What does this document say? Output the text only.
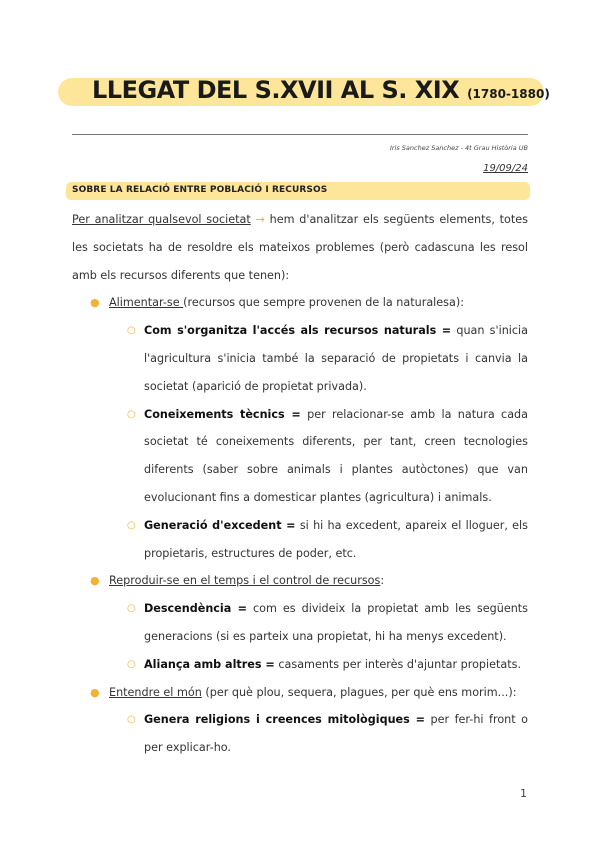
LLEGAT DEL S.XVII AL S. XIX (1780-1880)
Iris Sanchez Sanchez - 4t Grau Història UB
19/09/24
SOBRE LA RELACIÓ ENTRE POBLACIÓ I RECURSOS

Per analitzar qualsevol societat → hem d'analitzar els següents elements, totes les societats ha de resoldre els mateixos problemes (però cadascuna les resol amb els recursos diferents que tenen):

● Alimentar-se (recursos que sempre provenen de la naturalesa):

○ Com s'organitza l'accés als recursos naturals = quan s'inicia l'agricultura s'inicia també la separació de propietats i canvia la societat (aparició de propietat privada).

○ Coneixements tècnics = per relacionar-se amb la natura cada societat té coneixements diferents, per tant, creen tecnologies diferents (saber sobre animals i plantes autòctones) que van evolucionant fins a domesticar plantes (agricultura) i animals.

○ Generació d'excedent = si hi ha excedent, apareix el lloguer, els propietaris, estructures de poder, etc.

● Reproduir-se en el temps i el control de recursos:

○ Descendència = com es divideix la propietat amb les següents generacions (si es parteix una propietat, hi ha menys excedent).

○ Aliança amb altres = casaments per interès d'ajuntar propietats.

● Entendre el món (per què plou, sequera, plagues, per què ens morim...):

○ Genera religions i creences mitològiques = per fer-hi front o per explicar-ho.

1
